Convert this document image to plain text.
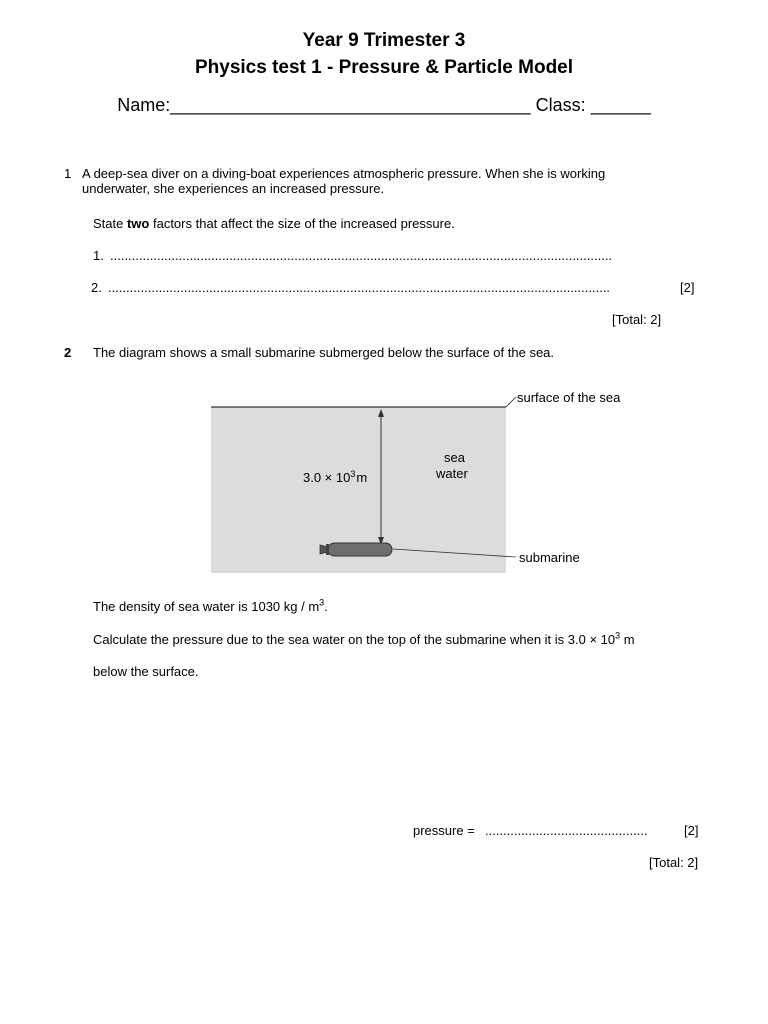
Year 9 Trimester 3
Physics test 1 - Pressure & Particle Model
Name:____________________________________ Class: ______
1 A deep-sea diver on a diving-boat experiences atmospheric pressure. When she is working
underwater, she experiences an increased pressure.
State two factors that affect the size of the increased pressure.
1. ...........................................................................................................................................
2. ...........................................................................................................................................	[2]
[Total: 2]
2 The diagram shows a small submarine submerged below the surface of the sea.
surface of the sea
$3.0 \times 10^3m$
sea
water
submarine
The density of sea water is 1030 kg / $m^3$.
Calculate the pressure due to the sea water on the top of the submarine when it is $3.0 \times 10^3$ m
below the surface.
pressure = .............................................	[2]
[Total: 2]
